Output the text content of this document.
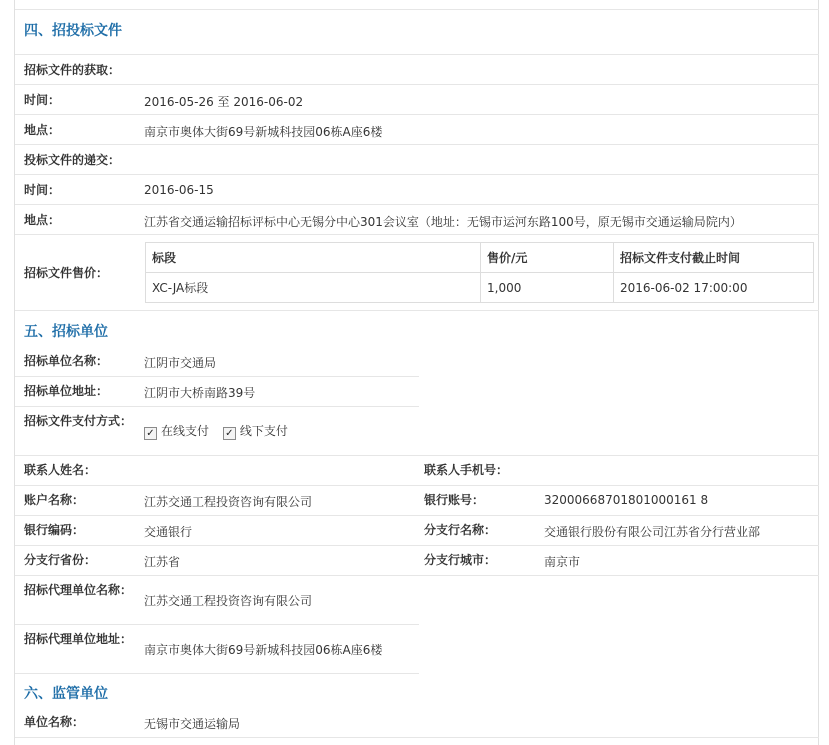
四、招投标文件
招标文件的获取：
时间：	2016-05-26 至 2016-06-02
地点：	南京市奥体大街69号新城科技园06栋A座6楼
投标文件的递交：
时间：	2016-06-15
地点：	江苏省交通运输招标评标中心无锡分中心301会议室（地址：无锡市运河东路100号，原无锡市交通运输局院内）
招标文件售价：
标段	售价/元	招标文件支付截止时间
XC-JA标段	1,000	2016-06-02 17:00:00
五、招标单位
招标单位名称：	江阴市交通局
招标单位地址：	江阴市大桥南路39号
招标文件支付方式：
✓ 在线支付 ✓ 线下支付
联系人姓名：	联系人手机号：
账户名称：	江苏交通工程投资咨询有限公司	银行账号：	32000668701801000161 8
银行编码：	交通银行	分支行名称：	交通银行股份有限公司江苏省分行营业部
分支行省份：	江苏省	分支行城市：	南京市
招标代理单位名称：
江苏交通工程投资咨询有限公司
招标代理单位地址：
南京市奥体大街69号新城科技园06栋A座6楼
六、监管单位
单位名称：	无锡市交通运输局
